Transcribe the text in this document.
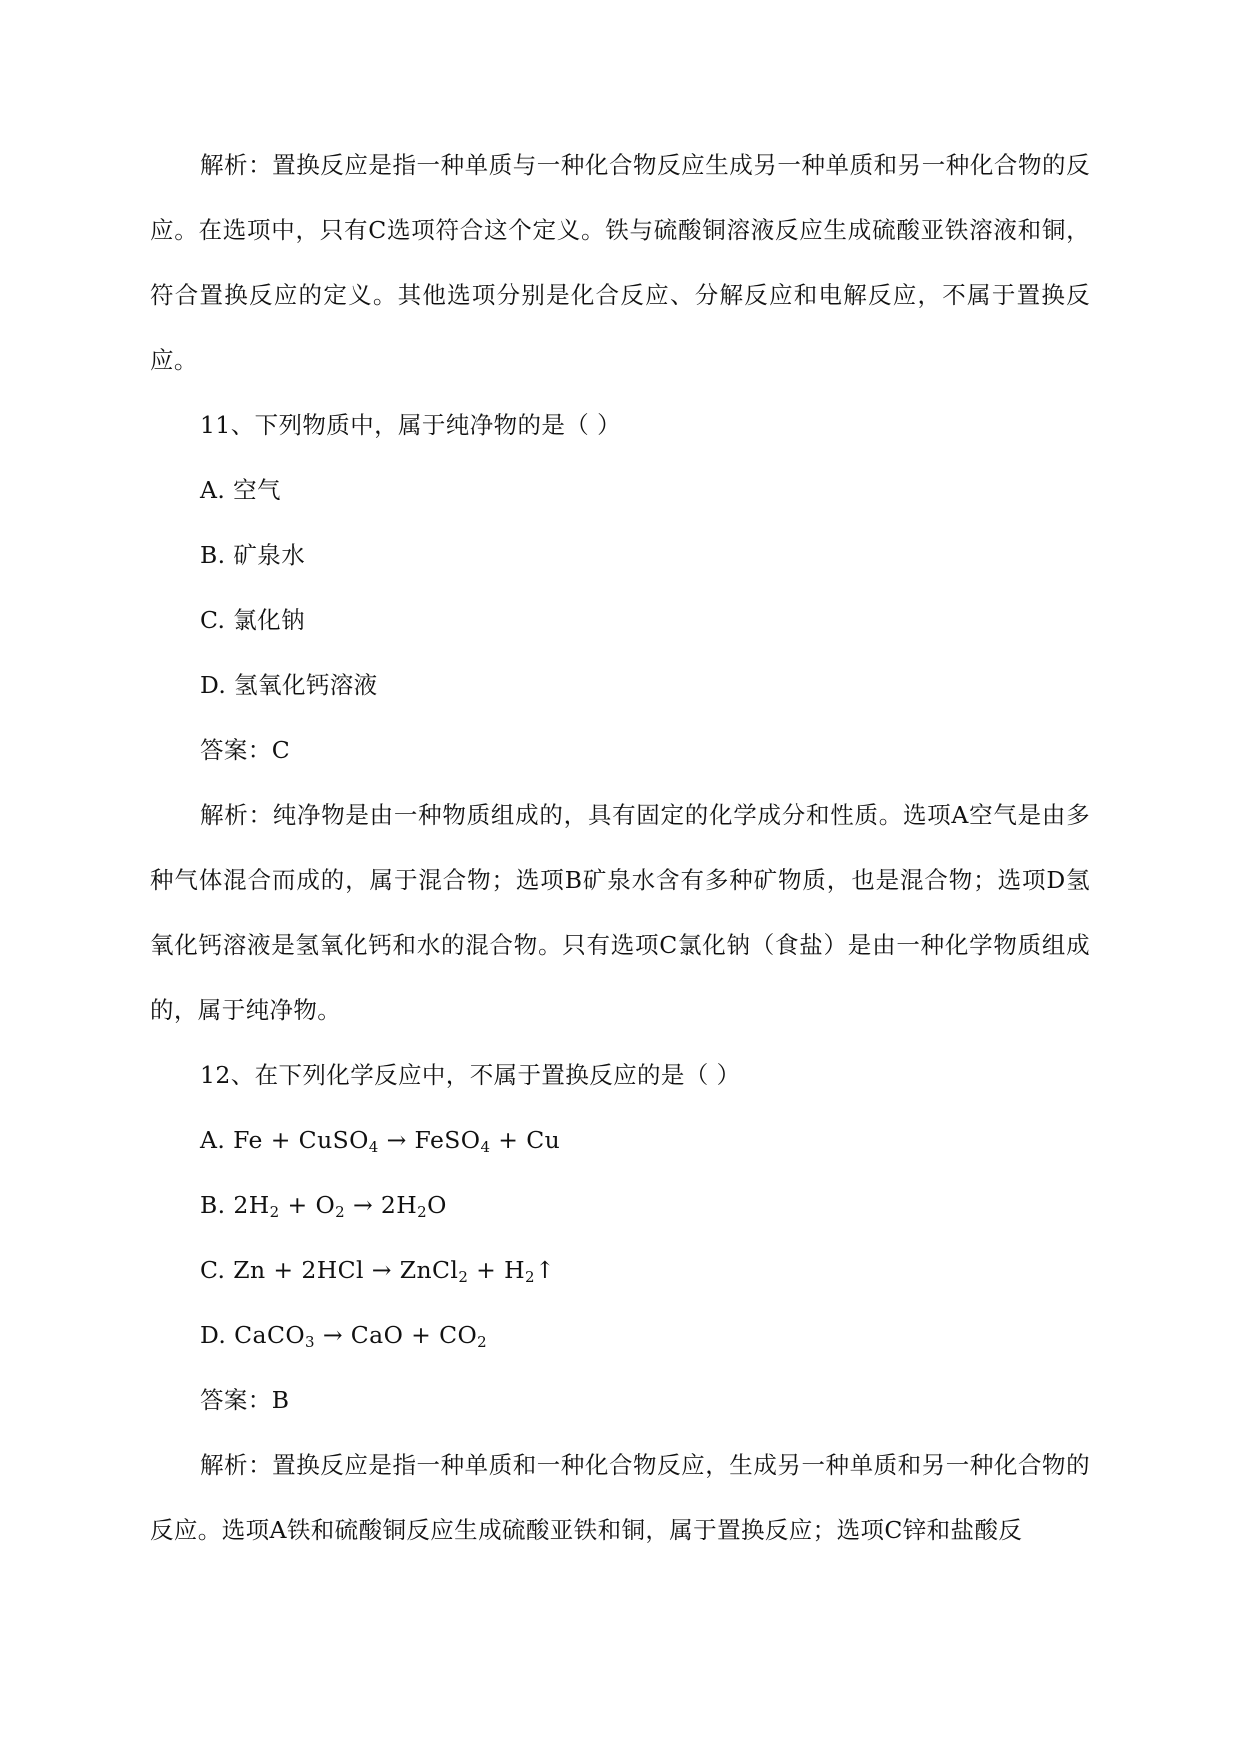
解析：置换反应是指一种单质与一种化合物反应生成另一种单质和另一种化合物的反应。在选项中，只有C选项符合这个定义。铁与硫酸铜溶液反应生成硫酸亚铁溶液和铜，符合置换反应的定义。其他选项分别是化合反应、分解反应和电解反应，不属于置换反应。

11、下列物质中，属于纯净物的是（ ）

A. 空气

B. 矿泉水

C. 氯化钠

D. 氢氧化钙溶液

答案：C

解析：纯净物是由一种物质组成的，具有固定的化学成分和性质。选项A空气是由多种气体混合而成的，属于混合物；选项B矿泉水含有多种矿物质，也是混合物；选项D氢氧化钙溶液是氢氧化钙和水的混合物。只有选项C氯化钠（食盐）是由一种化学物质组成的，属于纯净物。

12、在下列化学反应中，不属于置换反应的是（ ）

A. Fe + CuSO$_4$ → FeSO$_4$ + Cu

B. $2H_2 + O_2 \to 2H_2O$

C. Zn + 2HCl → ZnCl$_2$ + $H_2↑$

D. CaCO$_3$ → CaO + $CO_2$

答案：B

解析：置换反应是指一种单质和一种化合物反应，生成另一种单质和另一种化合物的反应。选项A铁和硫酸铜反应生成硫酸亚铁和铜，属于置换反应；选项C锌和盐酸反
